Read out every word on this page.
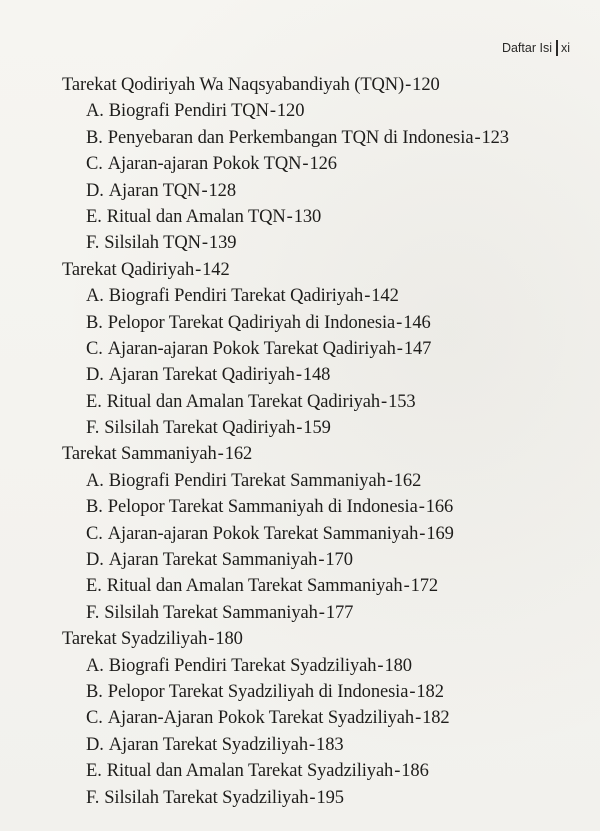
Daftar Isi xi
Tarekat Qodiriyah Wa Naqsyabandiyah (TQN)-120
A. Biografi Pendiri TQN-120
B. Penyebaran dan Perkembangan TQN di Indonesia-123
C. Ajaran-ajaran Pokok TQN-126
D. Ajaran TQN-128
E. Ritual dan Amalan TQN-130
F. Silsilah TQN-139
Tarekat Qadiriyah-142
A. Biografi Pendiri Tarekat Qadiriyah-142
B. Pelopor Tarekat Qadiriyah di Indonesia-146
C. Ajaran-ajaran Pokok Tarekat Qadiriyah-147
D. Ajaran Tarekat Qadiriyah-148
E. Ritual dan Amalan Tarekat Qadiriyah-153
F. Silsilah Tarekat Qadiriyah-159
Tarekat Sammaniyah-162
A. Biografi Pendiri Tarekat Sammaniyah-162
B. Pelopor Tarekat Sammaniyah di Indonesia-166
C. Ajaran-ajaran Pokok Tarekat Sammaniyah-169
D. Ajaran Tarekat Sammaniyah-170
E. Ritual dan Amalan Tarekat Sammaniyah-172
F. Silsilah Tarekat Sammaniyah-177
Tarekat Syadziliyah-180
A. Biografi Pendiri Tarekat Syadziliyah-180
B. Pelopor Tarekat Syadziliyah di Indonesia-182
C. Ajaran-Ajaran Pokok Tarekat Syadziliyah-182
D. Ajaran Tarekat Syadziliyah-183
E. Ritual dan Amalan Tarekat Syadziliyah-186
F. Silsilah Tarekat Syadziliyah-195
